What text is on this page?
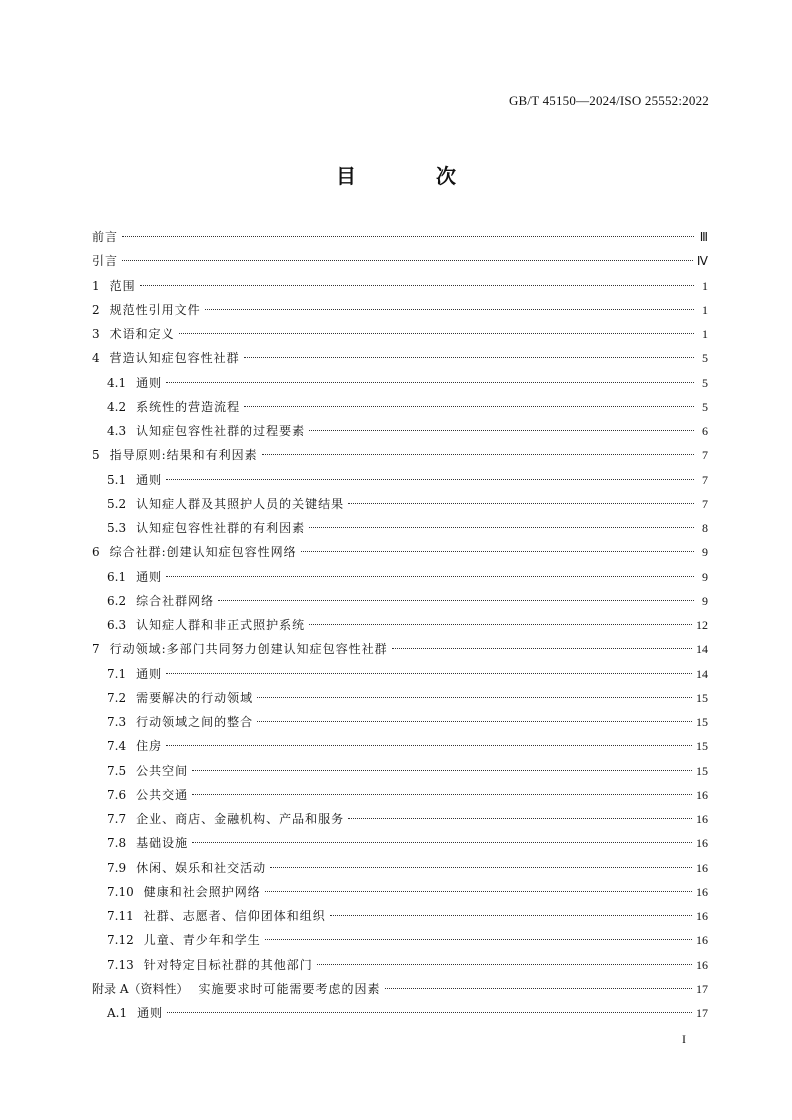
GB/T 45150—2024/ISO 25552:2022
目　次
前言	Ⅲ
引言	Ⅳ
1 范围	1
2 规范性引用文件	1
3 术语和定义	1
4 营造认知症包容性社群	5
4.1 通则	5
4.2 系统性的营造流程	5
4.3 认知症包容性社群的过程要素	6
5 指导原则:结果和有利因素	7
5.1 通则	7
5.2 认知症人群及其照护人员的关键结果	7
5.3 认知症包容性社群的有利因素	8
6 综合社群:创建认知症包容性网络	9
6.1 通则	9
6.2 综合社群网络	9
6.3 认知症人群和非正式照护系统	12
7 行动领域:多部门共同努力创建认知症包容性社群	14
7.1 通则	14
7.2 需要解决的行动领域	15
7.3 行动领域之间的整合	15
7.4 住房	15
7.5 公共空间	15
7.6 公共交通	16
7.7 企业、商店、金融机构、产品和服务	16
7.8 基础设施	16
7.9 休闲、娱乐和社交活动	16
7.10 健康和社会照护网络	16
7.11 社群、志愿者、信仰团体和组织	16
7.12 儿童、青少年和学生	16
7.13 针对特定目标社群的其他部门	16
附录 A（资料性） 实施要求时可能需要考虑的因素	17
A.1 通则	17
I
